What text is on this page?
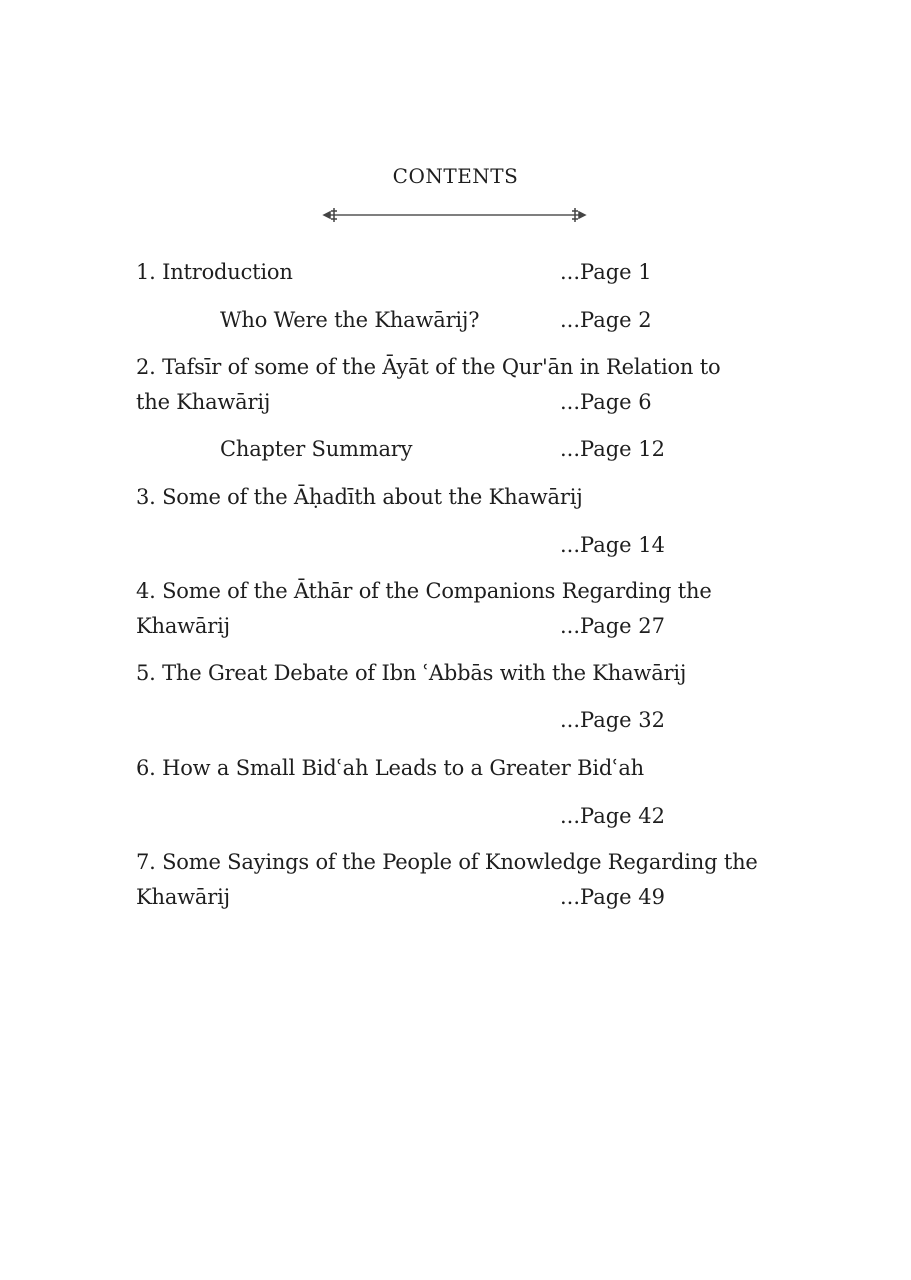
CONTENTS
1. Introduction	...Page 1
Who Were the Khawārij?	...Page 2
2. Tafsīr of some of the Āyāt of the Qur'ān in Relation to
the Khawārij	...Page 6
Chapter Summary	...Page 12
3. Some of the Āḥadīth about the Khawārij
...Page 14
4. Some of the Āthār of the Companions Regarding the
Khawārij	...Page 27
5. The Great Debate of Ibn ʿAbbās with the Khawārij
...Page 32
6. How a Small Bidʿah Leads to a Greater Bidʿah
...Page 42
7. Some Sayings of the People of Knowledge Regarding the
Khawārij	...Page 49
